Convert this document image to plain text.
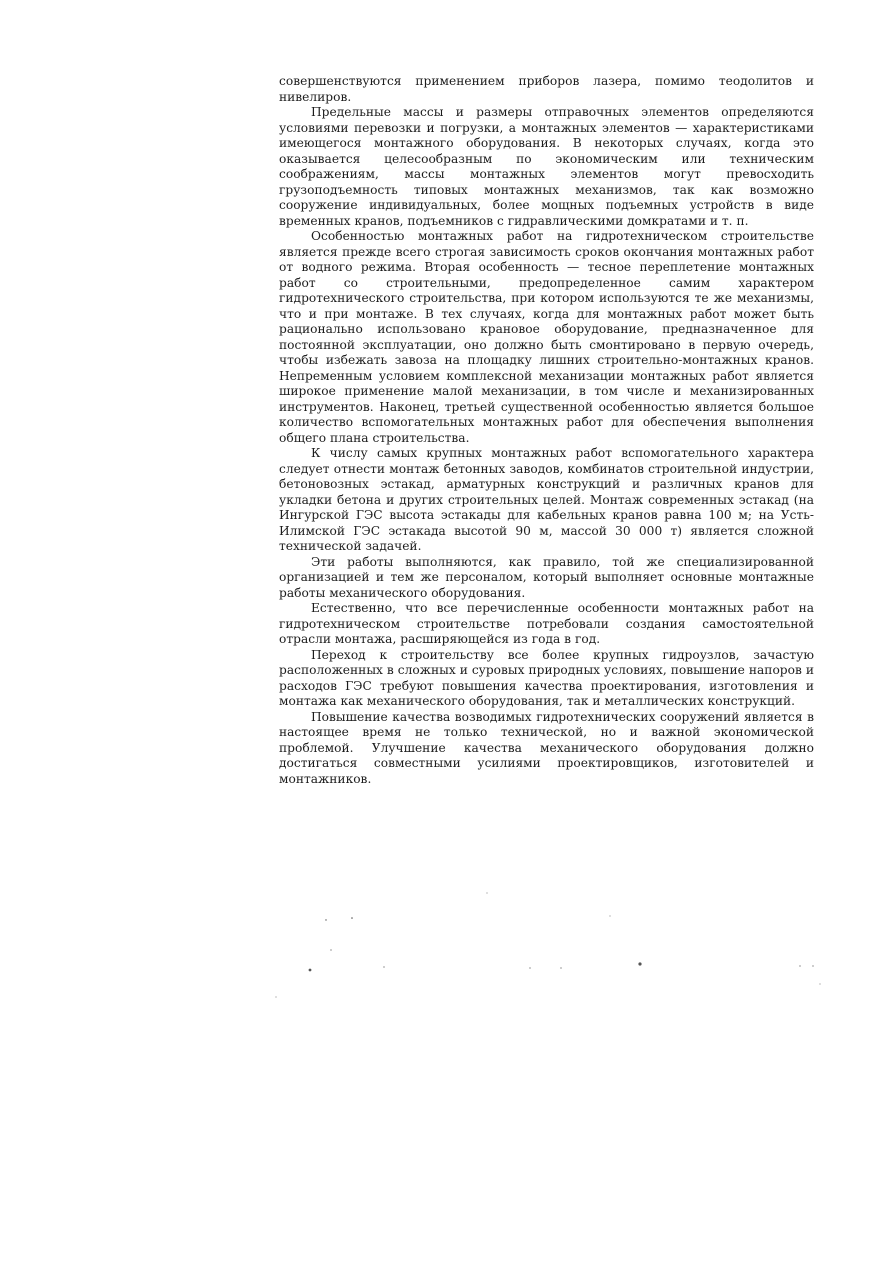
совершенствуются применением приборов лазера, помимо теодолитов и нивелиров.

Предельные массы и размеры отправочных элементов определяются условиями перевозки и погрузки, а монтажных элементов — характеристиками имеющегося монтажного оборудования. В некоторых случаях, когда это оказывается целесообразным по экономическим или техническим соображениям, массы монтажных элементов могут превосходить грузоподъемность типовых монтажных механизмов, так как возможно сооружение индивидуальных, более мощных подъемных устройств в виде временных кранов, подъемников с гидравлическими домкратами и т. п.

Особенностью монтажных работ на гидротехническом строительстве является прежде всего строгая зависимость сроков окончания монтажных работ от водного режима. Вторая особенность — тесное переплетение монтажных работ со строительными, предопределенное самим характером гидротехнического строительства, при котором используются те же механизмы, что и при монтаже. В тех случаях, когда для монтажных работ может быть рационально использовано крановое оборудование, предназначенное для постоянной эксплуатации, оно должно быть смонтировано в первую очередь, чтобы избежать завоза на площадку лишних строительно-монтажных кранов. Непременным условием комплексной механизации монтажных работ является широкое применение малой механизации, в том числе и механизированных инструментов. Наконец, третьей существенной особенностью является большое количество вспомогательных монтажных работ для обеспечения выполнения общего плана строительства.

К числу самых крупных монтажных работ вспомогательного характера следует отнести монтаж бетонных заводов, комбинатов строительной индустрии, бетоновозных эстакад, арматурных конструкций и различных кранов для укладки бетона и других строительных целей. Монтаж современных эстакад (на Ингурской ГЭС высота эстакады для кабельных кранов равна 100 м; на Усть-Илимской ГЭС эстакада высотой 90 м, массой 30 000 т) является сложной технической задачей.

Эти работы выполняются, как правило, той же специализированной организацией и тем же персоналом, который выполняет основные монтажные работы механического оборудования.

Естественно, что все перечисленные особенности монтажных работ на гидротехническом строительстве потребовали создания самостоятельной отрасли монтажа, расширяющейся из года в год.

Переход к строительству все более крупных гидроузлов, зачастую расположенных в сложных и суровых природных условиях, повышение напоров и расходов ГЭС требуют повышения качества проектирования, изготовления и монтажа как механического оборудования, так и металлических конструкций.

Повышение качества возводимых гидротехнических сооружений является в настоящее время не только технической, но и важной экономической проблемой. Улучшение качества механического оборудования должно достигаться совместными усилиями проектировщиков, изготовителей и монтажников.
